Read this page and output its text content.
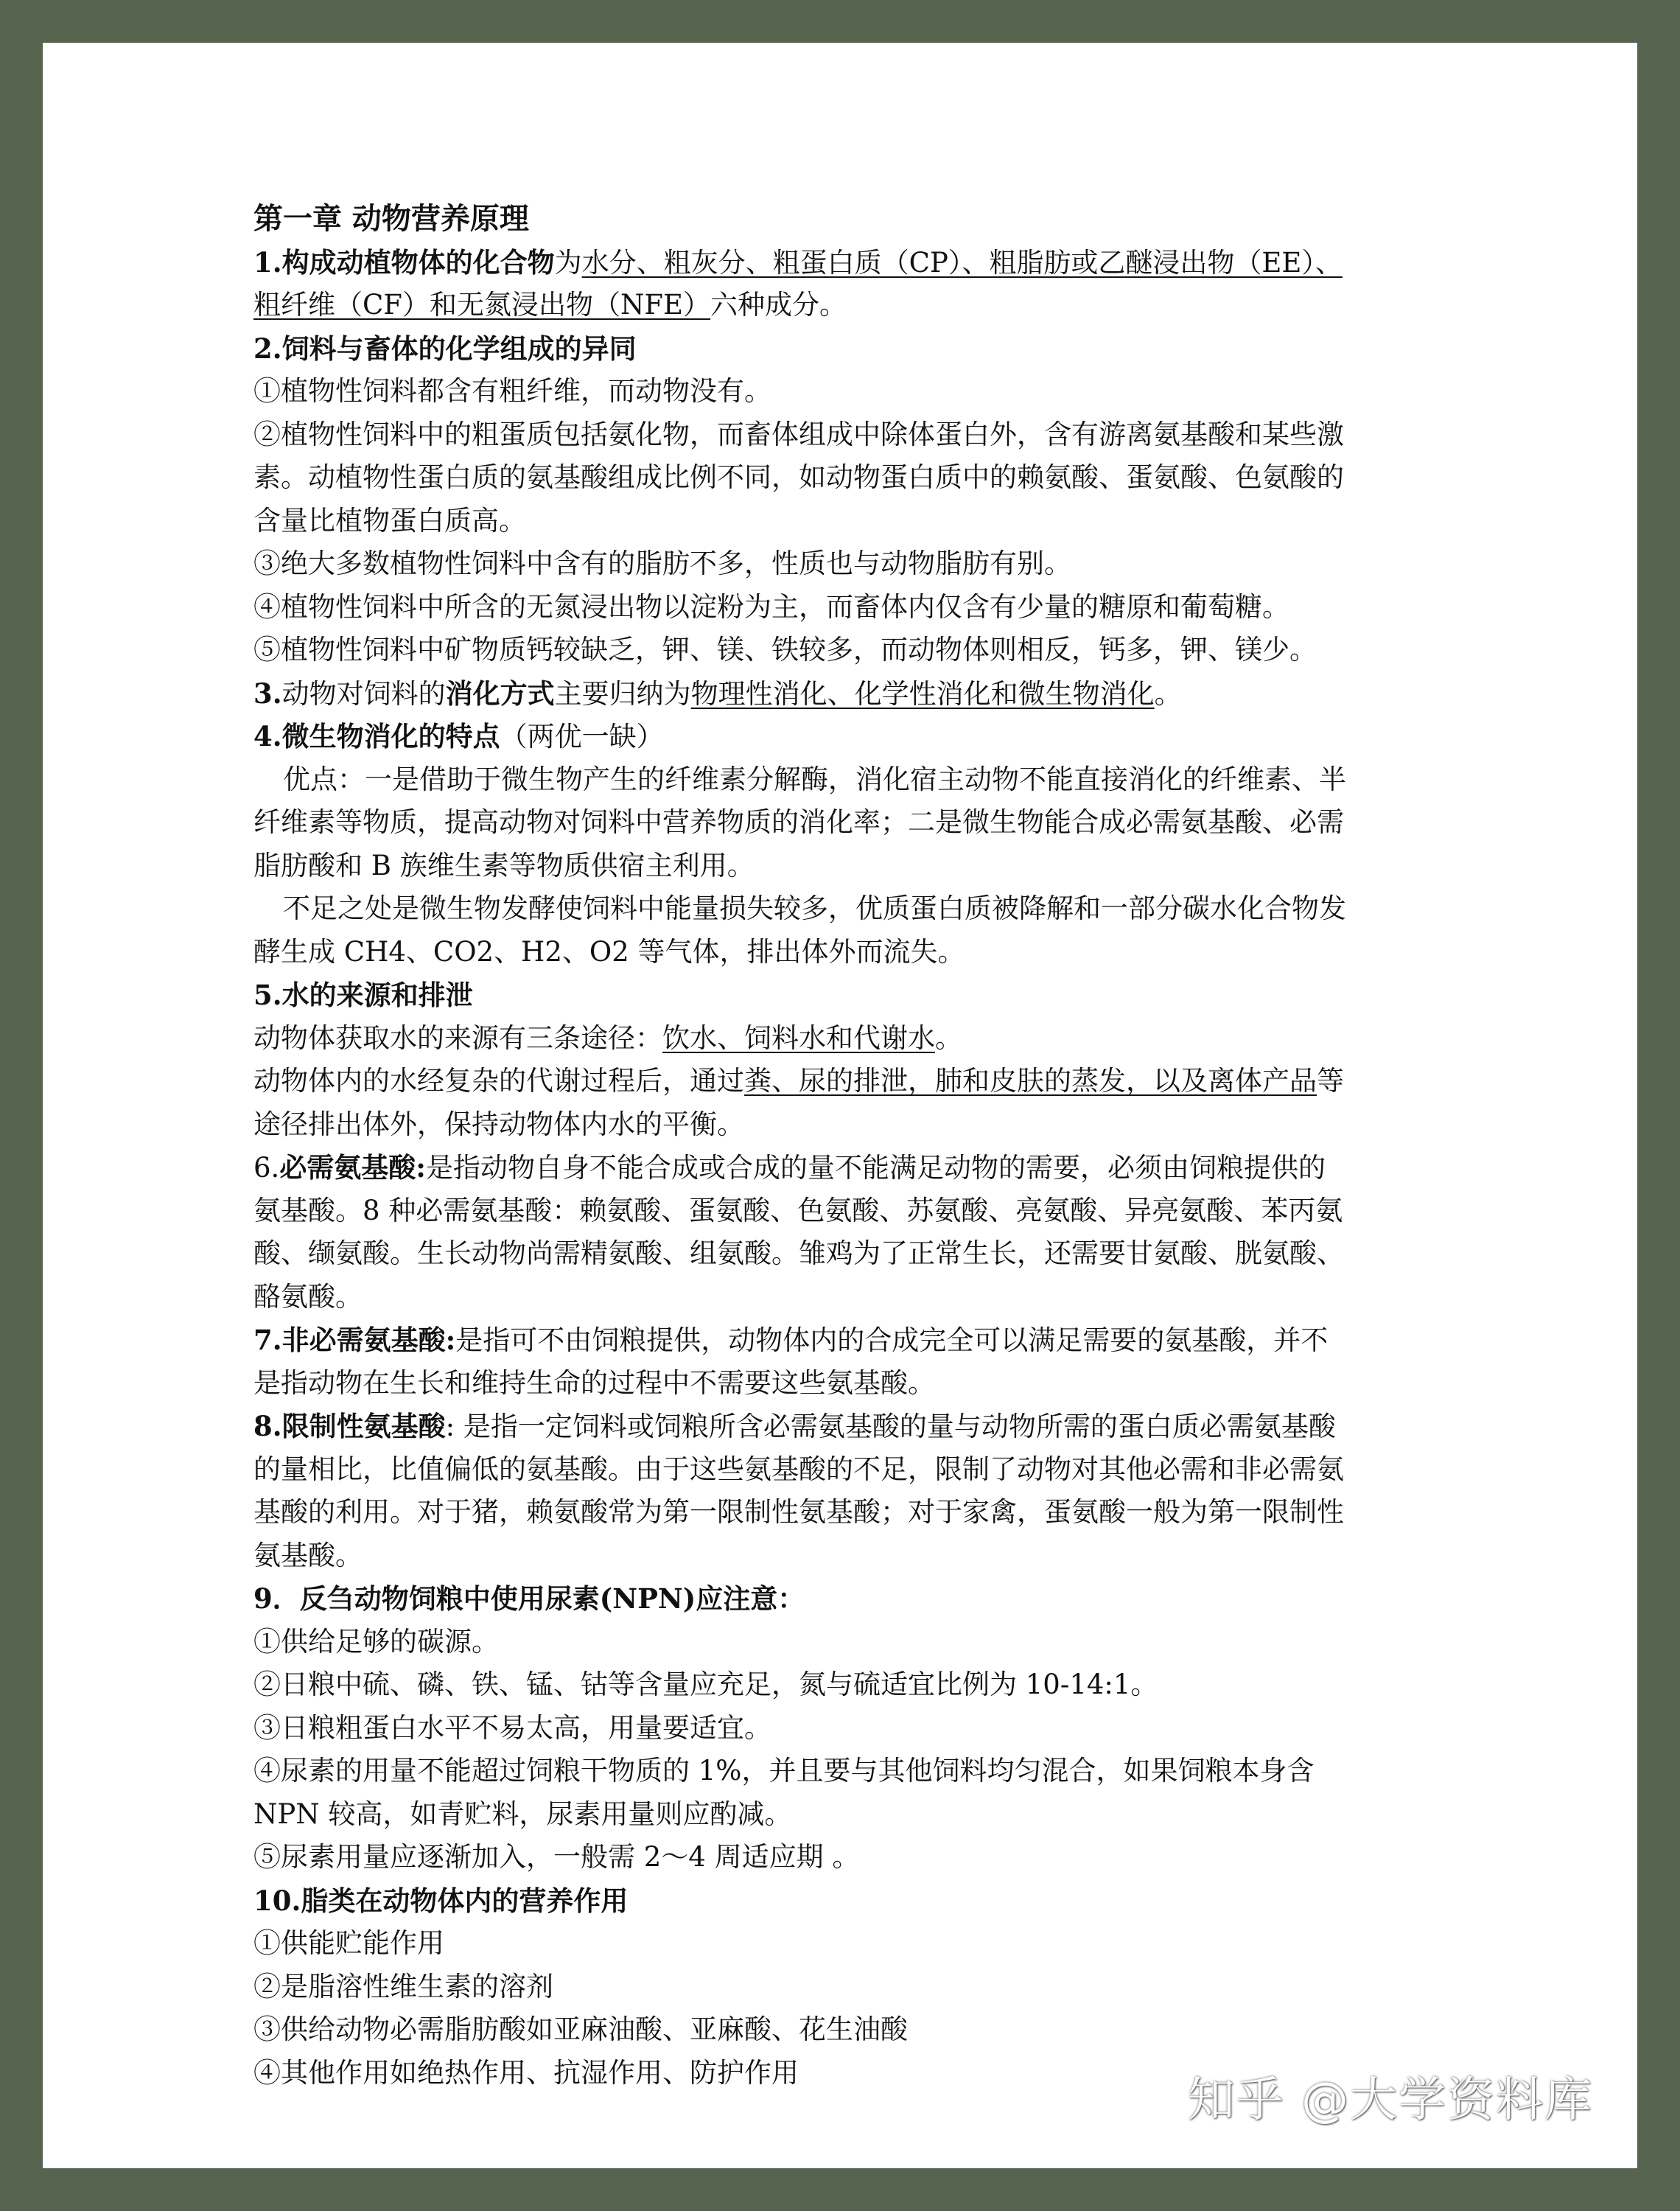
第一章 动物营养原理
1.构成动植物体的化合物为水分、粗灰分、粗蛋白质（CP）、粗脂肪或乙醚浸出物（EE）、
粗纤维（CF）和无氮浸出物（NFE）六种成分。
2.饲料与畜体的化学组成的异同
①植物性饲料都含有粗纤维，而动物没有。
②植物性饲料中的粗蛋质包括氨化物，而畜体组成中除体蛋白外，含有游离氨基酸和某些激
素。动植物性蛋白质的氨基酸组成比例不同，如动物蛋白质中的赖氨酸、蛋氨酸、色氨酸的
含量比植物蛋白质高。
③绝大多数植物性饲料中含有的脂肪不多，性质也与动物脂肪有别。
④植物性饲料中所含的无氮浸出物以淀粉为主，而畜体内仅含有少量的糖原和葡萄糖。
⑤植物性饲料中矿物质钙较缺乏，钾、镁、铁较多，而动物体则相反，钙多，钾、镁少。
3.动物对饲料的消化方式主要归纳为物理性消化、化学性消化和微生物消化。
4.微生物消化的特点（两优一缺）
优点：一是借助于微生物产生的纤维素分解酶，消化宿主动物不能直接消化的纤维素、半
纤维素等物质，提高动物对饲料中营养物质的消化率；二是微生物能合成必需氨基酸、必需
脂肪酸和 B 族维生素等物质供宿主利用。
不足之处是微生物发酵使饲料中能量损失较多，优质蛋白质被降解和一部分碳水化合物发
酵生成 CH4、CO2、H2、O2 等气体，排出体外而流失。
5.水的来源和排泄
动物体获取水的来源有三条途径：饮水、饲料水和代谢水。
动物体内的水经复杂的代谢过程后，通过粪、尿的排泄，肺和皮肤的蒸发，以及离体产品等
途径排出体外，保持动物体内水的平衡。
6.必需氨基酸:是指动物自身不能合成或合成的量不能满足动物的需要，必须由饲粮提供的
氨基酸。8 种必需氨基酸：赖氨酸、蛋氨酸、色氨酸、苏氨酸、亮氨酸、异亮氨酸、苯丙氨
酸、缬氨酸。生长动物尚需精氨酸、组氨酸。雏鸡为了正常生长，还需要甘氨酸、胱氨酸、
酪氨酸。
7.非必需氨基酸:是指可不由饲粮提供，动物体内的合成完全可以满足需要的氨基酸，并不
是指动物在生长和维持生命的过程中不需要这些氨基酸。
8.限制性氨基酸: 是指一定饲料或饲粮所含必需氨基酸的量与动物所需的蛋白质必需氨基酸
的量相比，比值偏低的氨基酸。由于这些氨基酸的不足，限制了动物对其他必需和非必需氨
基酸的利用。对于猪，赖氨酸常为第一限制性氨基酸；对于家禽，蛋氨酸一般为第一限制性
氨基酸。
9．反刍动物饲粮中使用尿素(NPN)应注意：
①供给足够的碳源。
②日粮中硫、磷、铁、锰、钴等含量应充足，氮与硫适宜比例为 10-14:1。
③日粮粗蛋白水平不易太高，用量要适宜。
④尿素的用量不能超过饲粮干物质的 1%，并且要与其他饲料均匀混合，如果饲粮本身含
NPN 较高，如青贮料，尿素用量则应酌减。
⑤尿素用量应逐渐加入，一般需 2～4 周适应期 。
10.脂类在动物体内的营养作用
①供能贮能作用
②是脂溶性维生素的溶剂
③供给动物必需脂肪酸如亚麻油酸、亚麻酸、花生油酸
④其他作用如绝热作用、抗湿作用、防护作用
知乎 @大学资料库
